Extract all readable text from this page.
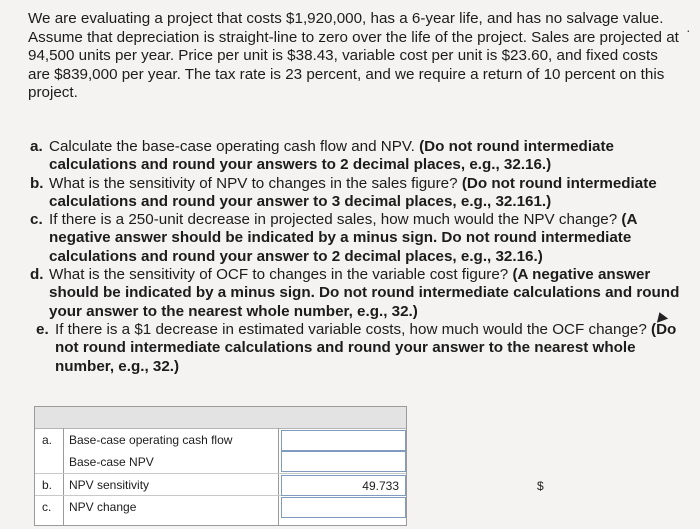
We are evaluating a project that costs $1,920,000, has a 6-year life, and has no salvage value. Assume that depreciation is straight-line to zero over the life of the project. Sales are projected at 94,500 units per year. Price per unit is $38.43, variable cost per unit is $23.60, and fixed costs are $839,000 per year. The tax rate is 23 percent, and we require a return of 10 percent on this project.
·
a. Calculate the base-case operating cash flow and NPV. (Do not round intermediate calculations and round your answers to 2 decimal places, e.g., 32.16.)
b. What is the sensitivity of NPV to changes in the sales figure? (Do not round intermediate calculations and round your answer to 3 decimal places, e.g., 32.161.)
c. If there is a 250-unit decrease in projected sales, how much would the NPV change? (A negative answer should be indicated by a minus sign. Do not round intermediate calculations and round your answer to 2 decimal places, e.g., 32.16.)
d. What is the sensitivity of OCF to changes in the variable cost figure? (A negative answer should be indicated by a minus sign. Do not round intermediate calculations and round your answer to the nearest whole number, e.g., 32.)
e. If there is a $1 decrease in estimated variable costs, how much would the OCF change? (Do not round intermediate calculations and round your answer to the nearest whole number, e.g., 32.)
a. Base-case operating cash flow
Base-case NPV
b. NPV sensitivity	$
49.733
c. NPV change
